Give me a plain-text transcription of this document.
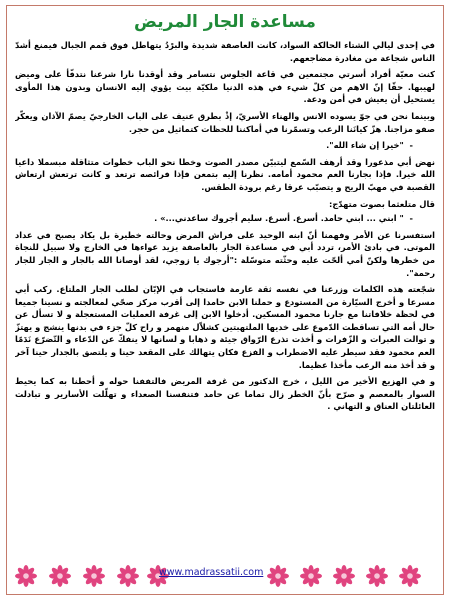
مساعدة الجار المريض

في إحدى ليالي الشتاء الحالكة السواد، كانت العاصفة شديدة والبرْدُ يتهاطل فوق قمم الجبال فيمنع أشدّ الناس شجاعة من مغادرة مضاجعهم.

كنت معيّة أفراد أسرتي مجتمعين في قاعة الجلوس نتسامر وقد أوقدنا نارا شرعنا نتدفّأ على وميض لهيبها. حقّا إنّ الاهم من كلّ شيء في هذه الدنيا ملكيّة بيت يؤوي إليه الانسان وبدون هذا المأوى يستحيل أن يعيش في أمن ودعة.

وبينما نحن في جوّ يسوده الانس والهناء الأسريّ، إذْ بطرق عنيف على الباب الخارجيّ يصمّ الآذان ويعكّر صفو مزاجنا. هزّ كيانَنا الرعب وتسمّرنا في أماكننا للحظات كتماثيل من حجر.

-  "خيرا إن شاء الله".

نهض أبي مذعورا وقد أرهف السّمع ليتبيّن مصدر الصوت وخطا نحو الباب خطوات متثاقلة مبسملا داعيا الله خيرا. فإذا بجارنا العم محمود أمامه. نظرنا إليه بتمعن فإذا فرائصه ترتعد و كانت ترتعش ارتعاش القصبة في مهبّ الريح و يتصبّب عرقا رغم برودة الطقس.

قال متلعثما بصوت متهدّج:

-  " ابني ... ابني حامد. أسرع. أسرع. سليم أجروك ساعدني...» .

استفسرنا عن الأمر وفهمنا أنّ ابنه الوحيد على فراش المرض وحالته خطيرة بل يكاد يصبح في عداد الموتى. في بادئ الأمر، تردد أبي في مساعدة الجار بالعاصفة يزيد عواءها في الخارج ولا سبيل للنجاة من خطرها ولكنّ أمي ألحّت عليه وحثّته متوسّلة :"أرجوك يا زوجي، لقد أوصانا الله بالجار و الجار للجار رحمة".

شجّعته هذه الكلمات وزرعنا في نفسه ثقة عارمة فاستجاب في الإبّان لطلب الجار الملتاع. ركب أبي مسرعا و أخرج السيّارة من المستودع و حملنا الابن حامدا إلى أقرب مركز صحّي لمعالجته و نسينا جميعا في لحظة خلافاتنا مع جارنا محمود المسكين. أدخلوا الابن إلى غرفة العمليات المستعجلة و لا تسأل عن حال أمه التي تساقطت الدّموع على خديها الملتهبتين كشلاّل منهمر و راح كلّ جزء في بدنها ينشج و يهتزّ و توالت العبرات و الزّفرات و أخذت تذرع الرّواق جيئة و ذهابا و لسانها لا ينفكّ عن الدّعاء و التّضرّع نَدَمًا العم محمود فقد سيطر عليه الاضطراب و الفزع فكان يتهالك على المقعد حينا و يلتصق بالجدار حينا آخر و قد أخذ منه الرعب مأخذا عظيما.

و في الهزيع الأخير من الليل ، خرج الدكتور من غرفة المريض فالتففنا حوله و أحطنا به كما يحيط السوار بالمعصم و صرّح بأنّ الخطر زال تماما عن حامد فتنفسنا الصعداء و تهلّلت الأسارير و تبادلت العائلتان العناق و التهاني .

www.madrassatii.com
